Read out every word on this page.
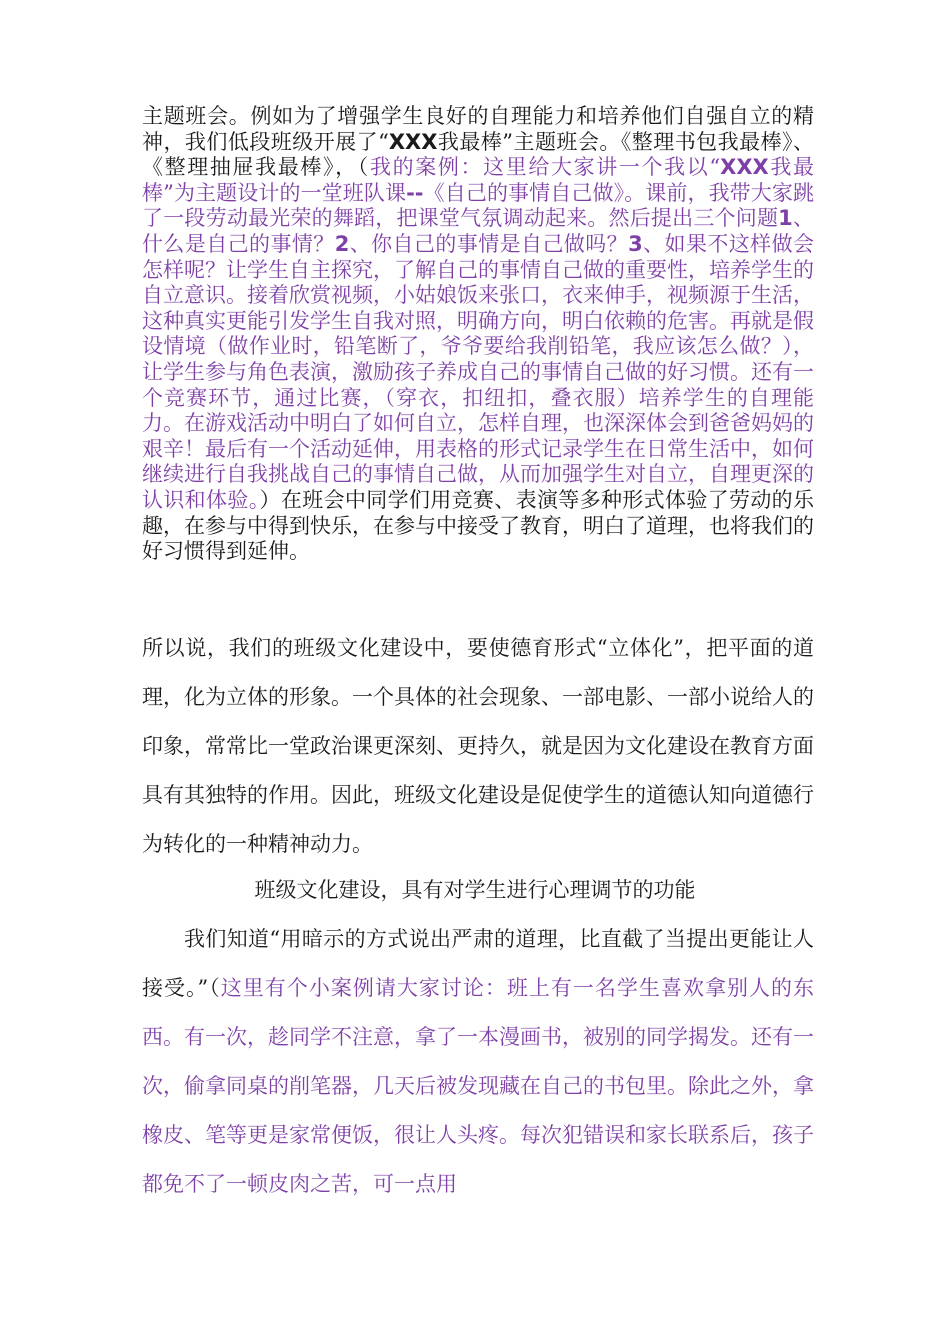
主题班会。例如为了增强学生良好的自理能力和培养他们自强自立的精神，我们低段班级开展了“XXX我最棒”主题班会。《整理书包我最棒》、《整理抽屉我最棒》，（我的案例：这里给大家讲一个我以“XXX我最棒”为主题设计的一堂班队课--《自己的事情自己做》。课前，我带大家跳了一段劳动最光荣的舞蹈，把课堂气氛调动起来。然后提出三个问题1、什么是自己的事情？2、你自己的事情是自己做吗？3、如果不这样做会怎样呢？让学生自主探究，了解自己的事情自己做的重要性，培养学生的自立意识。接着欣赏视频，小姑娘饭来张口，衣来伸手，视频源于生活，这种真实更能引发学生自我对照，明确方向，明白依赖的危害。再就是假设情境（做作业时，铅笔断了，爷爷要给我削铅笔，我应该怎么做？），让学生参与角色表演，激励孩子养成自己的事情自己做的好习惯。还有一个竞赛环节，通过比赛，（穿衣，扣纽扣，叠衣服）培养学生的自理能力。在游戏活动中明白了如何自立，怎样自理，也深深体会到爸爸妈妈的艰辛！最后有一个活动延伸，用表格的形式记录学生在日常生活中，如何继续进行自我挑战自己的事情自己做，从而加强学生对自立，自理更深的认识和体验。）在班会中同学们用竞赛、表演等多种形式体验了劳动的乐趣，在参与中得到快乐，在参与中接受了教育，明白了道理，也将我们的好习惯得到延伸。

所以说，我们的班级文化建设中，要使德育形式“立体化”，把平面的道理，化为立体的形象。一个具体的社会现象、一部电影、一部小说给人的印象，常常比一堂政治课更深刻、更持久，就是因为文化建设在教育方面具有其独特的作用。因此，班级文化建设是促使学生的道德认知向道德行为转化的一种精神动力。

班级文化建设，具有对学生进行心理调节的功能

我们知道“用暗示的方式说出严肃的道理，比直截了当提出更能让人接受。”（这里有个小案例请大家讨论：班上有一名学生喜欢拿别人的东西。有一次，趁同学不注意，拿了一本漫画书，被别的同学揭发。还有一次，偷拿同桌的削笔器，几天后被发现藏在自己的书包里。除此之外，拿橡皮、笔等更是家常便饭，很让人头疼。每次犯错误和家长联系后，孩子都免不了一顿皮肉之苦，可一点用
